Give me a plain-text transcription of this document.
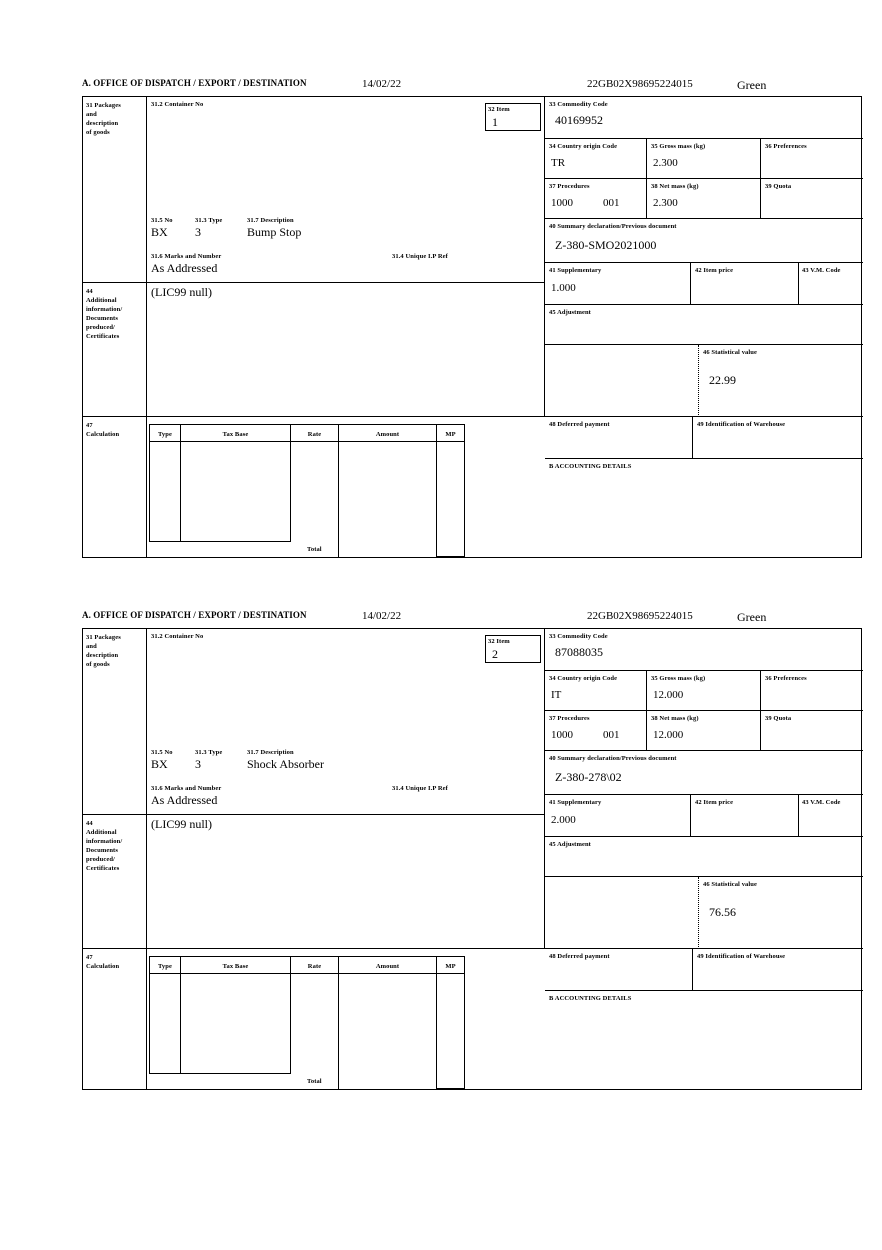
A. OFFICE OF DISPATCH / EXPORT / DESTINATION	14/02/22	22GB02X98695224015	Green
31 Packages
and
description
of goods
31.2 Container No
31.5 No	31.3 Type	31.7 Description
BX 3	Bump Stop
31.6 Marks and Number	31.4 Unique I.P Ref
As Addressed
32 Item
1
33 Commodity Code
40169952
34 Country origin Code
TR
35 Gross mass (kg)
2.300
36 Preferences
37 Procedures
1000	001
38 Net mass (kg)
2.300
39 Quota
40 Summary declaration/Previous document
Z-380-SMO2021000
41 Supplementary
1.000
42 Item price	43 V.M. Code
44
Additional
information/
Documents
produced/
Certificates
(LIC99 null)
45 Adjustment
46 Statistical value
22.99
47
Calculation	Type	Tax Base	Rate	Amount	MP
Total
48 Deferred payment	49 Identification of Warehouse
B ACCOUNTING DETAILS
A. OFFICE OF DISPATCH / EXPORT / DESTINATION	14/02/22	22GB02X98695224015	Green
31 Packages
and
description
of goods
31.2 Container No
31.5 No	31.3 Type	31.7 Description
BX 3	Shock Absorber
31.6 Marks and Number	31.4 Unique I.P Ref
As Addressed
32 Item
2
33 Commodity Code
87088035
34 Country origin Code
IT
35 Gross mass (kg)
12.000
36 Preferences
37 Procedures
1000	001
38 Net mass (kg)
12.000
39 Quota
40 Summary declaration/Previous document
Z-380-278\02
41 Supplementary
2.000
42 Item price	43 V.M. Code
44
Additional
information/
Documents
produced/
Certificates
(LIC99 null)
45 Adjustment
46 Statistical value
76.56
47
Calculation	Type	Tax Base	Rate	Amount	MP
Total
48 Deferred payment	49 Identification of Warehouse
B ACCOUNTING DETAILS
